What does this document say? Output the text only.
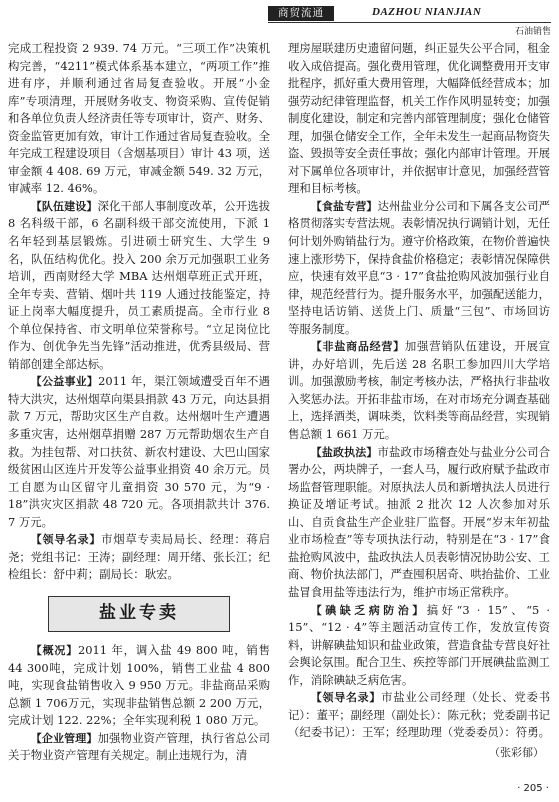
商贸流通	DAZHOU NIANJIAN
石油销售

完成工程投资 2 939. 74 万元。“三项工作”决策机构完善，“4211”模式体系基本建立，“两项工作”推进有序，并顺利通过省局复查验收。开展“小金库”专项清理，开展财务收支、物资采购、宣传促销和各单位负责人经济责任等专项审计，资产、财务、资金监管更加有效，审计工作通过省局复查验收。全年完成工程建设项目（含烟基项目）审计 43 项，送审金额 4 408. 69 万元，审减金额 549. 32 万元，审减率 12. 46%。

【队伍建设】深化干部人事制度改革，公开选拔 8 名科级干部，6 名副科级干部交流使用，下派 1 名年轻到基层锻炼。引进硕士研究生、大学生 9 名，队伍结构优化。投入 200 余万元加强职工业务培训，西南财经大学 MBA 达州烟草班正式开班，全年专卖、营销、烟叶共 119 人通过技能鉴定，持证上岗率大幅度提升，员工素质提高。全市行业 8 个单位保持省、市文明单位荣誉称号。“立足岗位比作为、创优争先当先锋”活动推进，优秀县级局、营销部创建全部达标。

【公益事业】2011 年，渠江领域遭受百年不遇特大洪灾，达州烟草向渠县捐款 43 万元，向达县捐款 7 万元，帮助灾区生产自救。达州烟叶生产遭遇多重灾害，达州烟草捐赠 287 万元帮助烟农生产自救。为挂包帮、对口扶贫、新农村建设、大巴山国家级贫困山区连片开发等公益事业捐资 40 余万元。员工自愿为山区留守儿童捐资 30 570 元，为“9 · 18”洪灾灾区捐款 48 720 元。各项捐款共计 376. 7 万元。

【领导名录】市烟草专卖局局长、经理：蒋启尧；党组书记：王涛；副经理：周开绪、张长江；纪检组长：舒中莉；副局长：耿宏。

盐业专卖

【概况】2011 年，调入盐 49 800 吨，销售 44 300吨，完成计划 100%，销售工业盐 4 800 吨，实现食盐销售收入 9 950 万元。非盐商品采购总额 1 706万元，实现非盐销售总额 2 200 万元，完成计划 122. 22%；全年实现利税 1 080 万元。

【企业管理】加强物业资产管理，执行省总公司关于物业资产管理有关规定。制止违规行为，清

理房屋联建历史遗留问题，纠正显失公平合同，租金收入成倍提高。强化费用管理，优化调整费用开支审批程序，抓好重大费用管理，大幅降低经营成本；加强劳动纪律管理监督，机关工作作风明显转变；加强制度化建设，制定和完善内部管理制度；强化仓储管理，加强仓储安全工作，全年未发生一起商品物资失盗、毁损等安全责任事故；强化内部审计管理。开展对下属单位各项审计，并依据审计意见，加强经营管理和目标考核。

【食盐专营】达州盐业分公司和下属各支公司严格贯彻落实专营法规。表彰情况执行调销计划，无任何计划外购销盐行为。遵守价格政策，在物价普遍快速上涨形势下，保持食盐价格稳定；表彰情况保障供应，快速有效平息“3 · 17”食盐抢购风波加强行业自律，规范经营行为。提升服务水平，加强配送能力，坚持电话访销、送货上门、质量“三包”、市场回访等服务制度。

【非盐商品经营】加强营销队伍建设，开展宣讲，办好培训，先后送 28 名职工参加四川大学培训。加强激励考核，制定考核办法，严格执行非盐收入奖惩办法。开拓非盐市场，在对市场充分调查基础上，选择酒类，调味类，饮料类等商品经营，实现销售总额 1 661 万元。

【盐政执法】市盐政市场稽查处与盐业分公司合署办公，两块牌子，一套人马，履行政府赋予盐政市场监督管理职能。对原执法人员和新增执法人员进行换证及增证考试。抽派 2 批次 12 人次参加对乐山、自贡食盐生产企业驻厂监督。开展“岁末年初盐业市场检查”等专项执法行动，特别是在“3 · 17”食盐抢购风波中，盐政执法人员表彰情况协助公安、工商、物价执法部门，严查囤积居奇、哄抬盐价、工业盐冒食用盐等违法行为，维护市场正常秩序。

【碘缺乏病防治】搞好“3 · 15”、“5 · 15”、“12 · 4”等主题活动宣传工作，发放宣传资料，讲解碘盐知识和盐业政策，营造食盐专营良好社会舆论氛围。配合卫生、疾控等部门开展碘盐监测工作，消除碘缺乏病危害。

【领导名录】市盐业公司经理（处长、党委书记）：董平；副经理（副处长）：陈元秋；党委副书记（纪委书记）：王军；经理助理（党委委员）：符勇。

（张彩郁）
· 205 ·
